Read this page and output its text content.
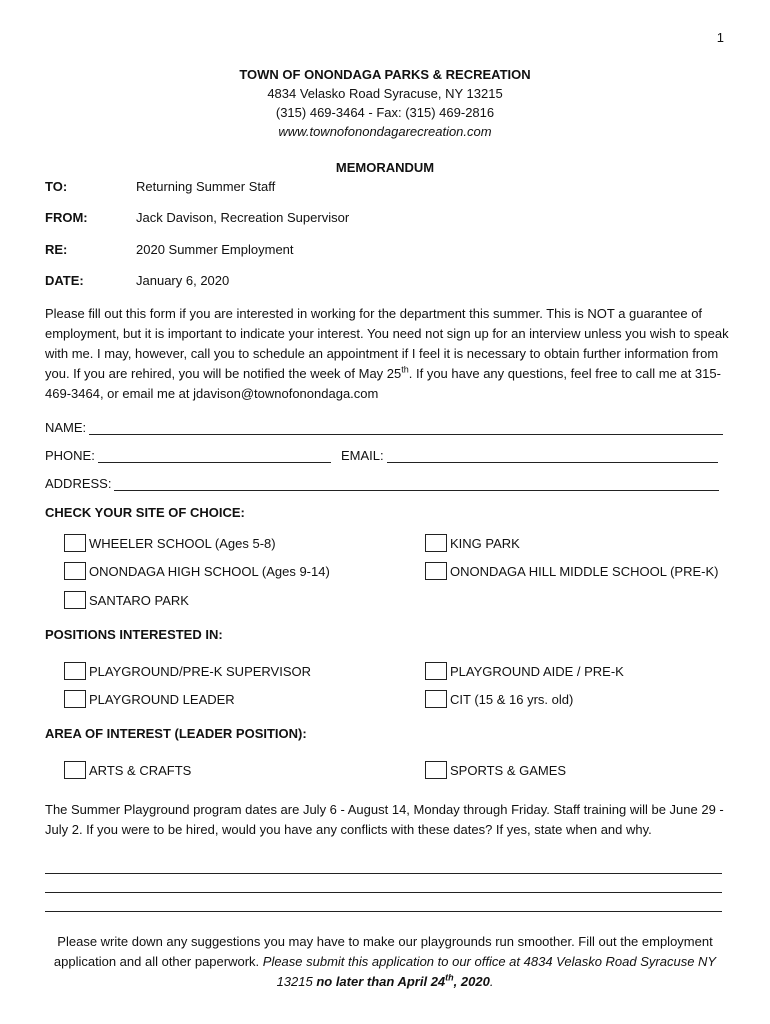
1
TOWN OF ONONDAGA PARKS & RECREATION
4834 Velasko Road Syracuse, NY 13215
(315) 469-3464 - Fax: (315) 469-2816
www.townofonondagarecreation.com
MEMORANDUM
TO:	Returning Summer Staff
FROM:	Jack Davison, Recreation Supervisor
RE:	2020 Summer Employment
DATE:	January 6, 2020
Please fill out this form if you are interested in working for the department this summer. This is NOT a guarantee of employment, but it is important to indicate your interest. You need not sign up for an interview unless you wish to speak with me. I may, however, call you to schedule an appointment if I feel it is necessary to obtain further information from you. If you are rehired, you will be notified the week of May 25th. If you have any questions, feel free to call me at 315-469-3464, or email me at jdavison@townofonondaga.com
NAME:
PHONE:	EMAIL:
ADDRESS:
CHECK YOUR SITE OF CHOICE:
WHEELER SCHOOL (Ages 5-8)	KING PARK
ONONDAGA HIGH SCHOOL (Ages 9-14)	ONONDAGA HILL MIDDLE SCHOOL (PRE-K)
SANTARO PARK
POSITIONS INTERESTED IN:
PLAYGROUND/PRE-K SUPERVISOR	PLAYGROUND AIDE / PRE-K
PLAYGROUND LEADER	CIT (15 & 16 yrs. old)
AREA OF INTEREST (LEADER POSITION):
ARTS & CRAFTS	SPORTS & GAMES
The Summer Playground program dates are July 6 - August 14, Monday through Friday. Staff training will be June 29 - July 2. If you were to be hired, would you have any conflicts with these dates? If yes, state when and why.
Please write down any suggestions you may have to make our playgrounds run smoother. Fill out the employment application and all other paperwork. Please submit this application to our office at 4834 Velasko Road Syracuse NY 13215 no later than April 24th, 2020.
